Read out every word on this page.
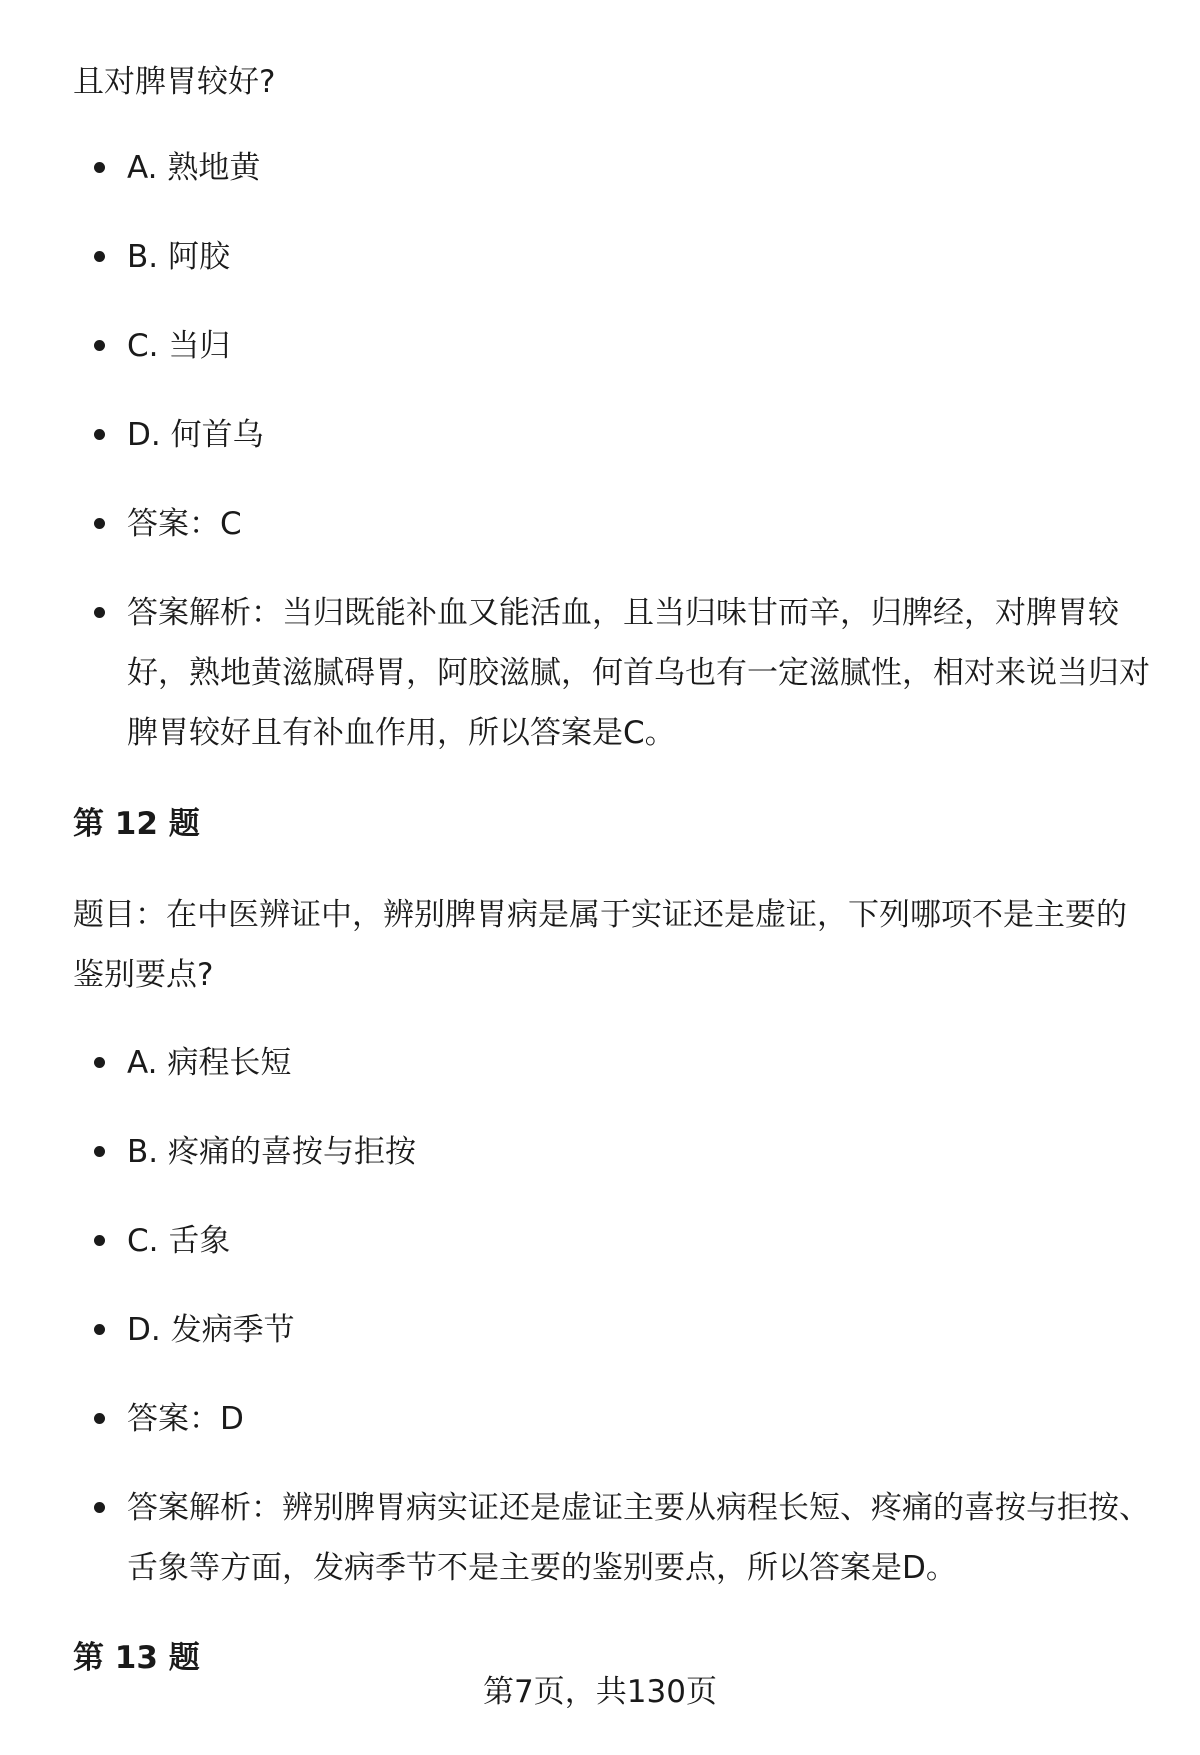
且对脾胃较好?

A. 熟地黄
B. 阿胶
C. 当归
D. 何首乌
答案：C
答案解析：当归既能补血又能活血，且当归味甘而辛，归脾经，对脾胃较好，熟地黄滋腻碍胃，阿胶滋腻，何首乌也有一定滋腻性，相对来说当归对脾胃较好且有补血作用，所以答案是C。
第 12 题

题目：在中医辨证中，辨别脾胃病是属于实证还是虚证，下列哪项不是主要的鉴别要点?

A. 病程长短
B. 疼痛的喜按与拒按
C. 舌象
D. 发病季节
答案：D
答案解析：辨别脾胃病实证还是虚证主要从病程长短、疼痛的喜按与拒按、舌象等方面，发病季节不是主要的鉴别要点，所以答案是D。
第 13 题
第7页，共130页
